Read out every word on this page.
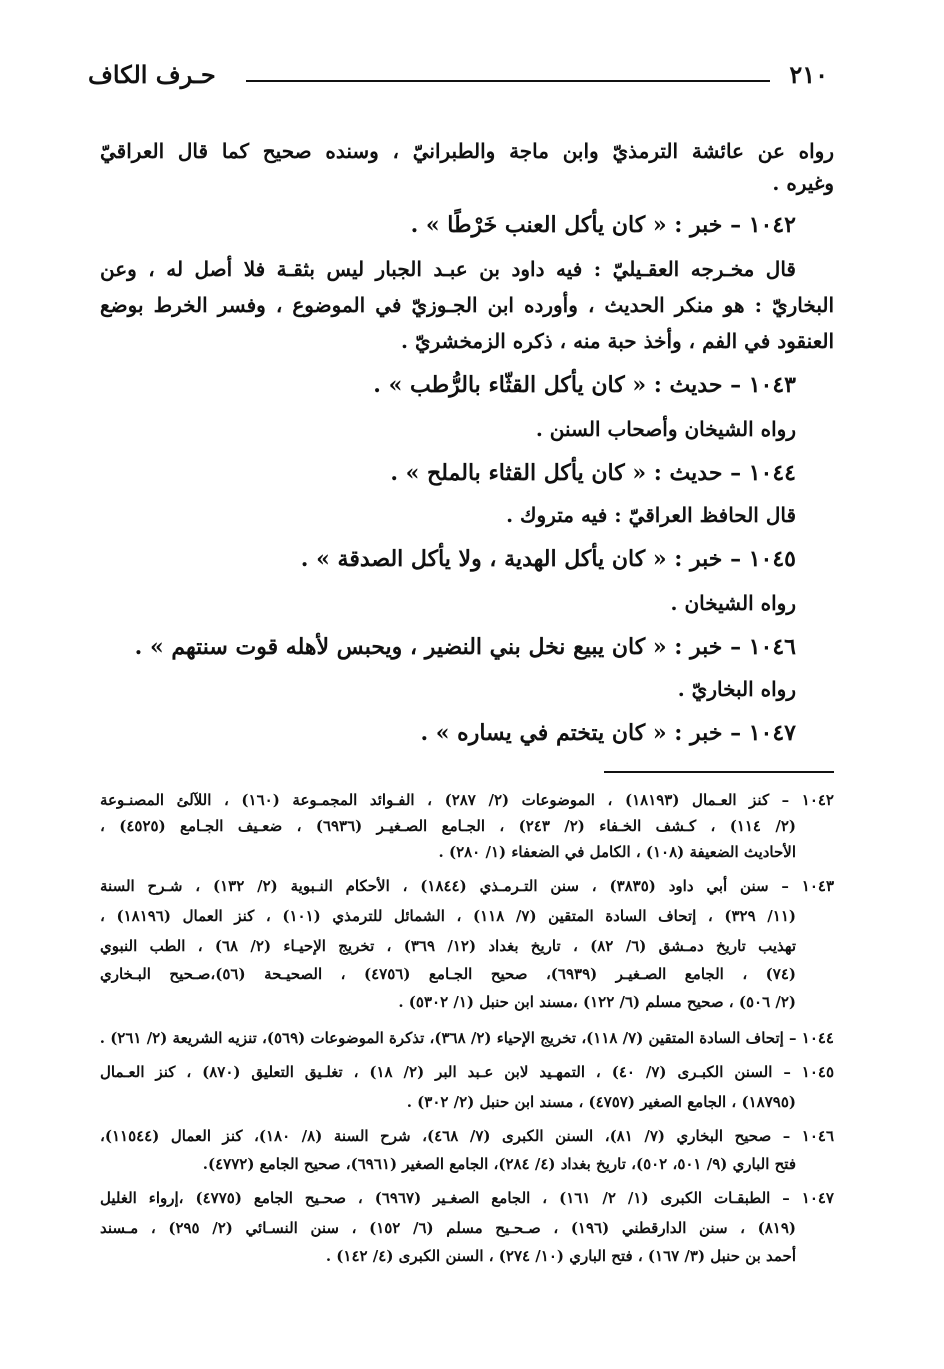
٢١٠
حـرف الكاف
رواه عن عائشة الترمذيّ وابن ماجة والطبرانيّ ، وسنده صحيح كما قال العراقيّ
وغيره .
١٠٤٢ – خبر : « كان يأكل العنب خَرْطًا » .
قال مخـرجه العقـيليّ : فيه داود بن عبـد الجبار ليس بثقـة فلا أصل له ، وعن
البخاريّ : هو منكر الحديث ، وأورده ابن الجـوزيّ في الموضوع ، وفسر الخرط بوضع
العنقود في الفم ، وأخذ حبة منه ، ذكره الزمخشريّ .
١٠٤٣ – حديث : « كان يأكل القثّاء بالرُّطب » .
رواه الشيخان وأصحاب السنن .
١٠٤٤ – حديث : « كان يأكل القثاء بالملح » .
قال الحافظ العراقيّ : فيه متروك .
١٠٤٥ – خبر : « كان يأكل الهدية ، ولا يأكل الصدقة » .
رواه الشيخان .
١٠٤٦ – خبر : « كان يبيع نخل بني النضير ، ويحبس لأهله قوت سنتهم » .
رواه البخاريّ .
١٠٤٧ – خبر : « كان يتختم في يساره » .
١٠٤٢ – كنز العـمال (١٨١٩٣) ، الموضوعات (٢/ ٢٨٧) ، الفـوائد المجمـوعة (١٦٠) ، اللآلئ المصنـوعة
(٢/ ١١٤) ، كـشف الخـفاء (٢/ ٢٤٣) ، الجـامع الصـغيـر (٦٩٣٦) ، ضعـيف الجـامع (٤٥٢٥) ،
الأحاديث الضعيفة (١٠٨) ، الكامل في الضعفاء (١/ ٢٨٠) .
١٠٤٣ – سنن أبي داود (٣٨٣٥) ، سنن التـرمـذي (١٨٤٤) ، الأحكام النـبوية (٢/ ١٣٢) ، شـرح السنة
(١١/ ٣٢٩) ، إتحاف السادة المتقين (٧/ ١١٨) ، الشمائل للترمذي (١٠١) ، كنز العمال (١٨١٩٦) ،
تهذيب تاريخ دمـشق (٦/ ٨٢) ، تاريخ بغداد (١٢/ ٣٦٩) ، تخريج الإحيـاء (٢/ ٦٨) ، الطب النبوي
(٧٤) ، الجامع الصـغيـر (٦٩٣٩)، صحيح الجـامع (٤٧٥٦) ، الصحيـحة (٥٦)،صـحيح البـخاري
(٢/ ٥٠٦) ، صحيح مسلم (٦/ ١٢٢) ،مسند ابن حنبل (١/ ٥٣٠٢) .
١٠٤٤ – إتحاف السادة المتقين (٧/ ١١٨)، تخريج الإحياء (٢/ ٣٦٨)، تذكرة الموضوعات (٥٦٩)، تنزيه الشريعة (٢/ ٢٦١) .
١٠٤٥ – السنن الكبـرى (٧/ ٤٠) ، التمهـيد لابن عـبد البر (٢/ ١٨) ، تغلـيق التعليق (٨٧٠) ، كنز العـمال
(١٨٧٩٥) ، الجامع الصغير (٤٧٥٧) ، مسند ابن حنبل (٢/ ٣٠٢) .
١٠٤٦ – صحيح البخاري (٧/ ٨١)، السنن الكبرى (٧/ ٤٦٨)، شرح السنة (٨/ ١٨٠)، كنز العمال (١١٥٤٤)،
فتح الباري (٩/ ٥٠١، ٥٠٢)، تاريخ بغداد (٤/ ٢٨٤)، الجامع الصغير (٦٩٦١)، صحيح الجامع (٤٧٧٢).
١٠٤٧ – الطبقـات الكبرى (١/ ٢/ ١٦١) ، الجامع الصغـير (٦٩٦٧) ، صحـيح الجامع (٤٧٧٥) ،إرواء الغليل
(٨١٩) ، سنن الدارقطني (١٩٦) ، صـحـيح مسلم (٦/ ١٥٢) ، سنن النسـائي (٢/ ٢٩٥) ، مـسند
أحمد بن حنبل (٣/ ١٦٧) ، فتح الباري (١٠/ ٢٧٤) ، السنن الكبرى (٤/ ١٤٢) .
